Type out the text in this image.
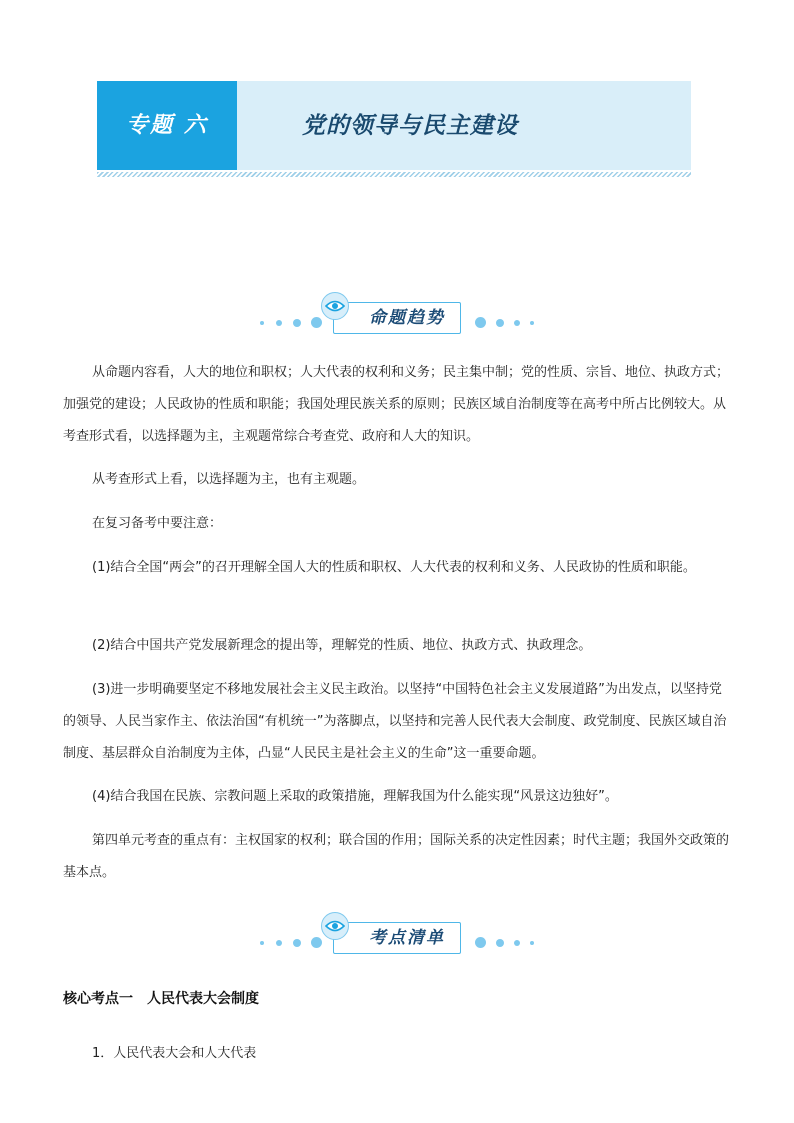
专题 六	党的领导与民主建设
命题趋势

从命题内容看，人大的地位和职权；人大代表的权利和义务；民主集中制；党的性质、宗旨、地位、执政方式；加强党的建设；人民政协的性质和职能；我国处理民族关系的原则；民族区域自治制度等在高考中所占比例较大。从考查形式看，以选择题为主，主观题常综合考查党、政府和人大的知识。

从考查形式上看，以选择题为主，也有主观题。

在复习备考中要注意：

(1)结合全国“两会”的召开理解全国人大的性质和职权、人大代表的权利和义务、人民政协的性质和职能。

(2)结合中国共产党发展新理念的提出等，理解党的性质、地位、执政方式、执政理念。

(3)进一步明确要坚定不移地发展社会主义民主政治。以坚持“中国特色社会主义发展道路”为出发点，以坚持党的领导、人民当家作主、依法治国“有机统一”为落脚点，以坚持和完善人民代表大会制度、政党制度、民族区域自治制度、基层群众自治制度为主体，凸显“人民民主是社会主义的生命”这一重要命题。

(4)结合我国在民族、宗教问题上采取的政策措施，理解我国为什么能实现“风景这边独好”。

第四单元考查的重点有：主权国家的权利；联合国的作用；国际关系的决定性因素；时代主题；我国外交政策的基本点。

考点清单
核心考点一　人民代表大会制度
1．人民代表大会和人大代表
